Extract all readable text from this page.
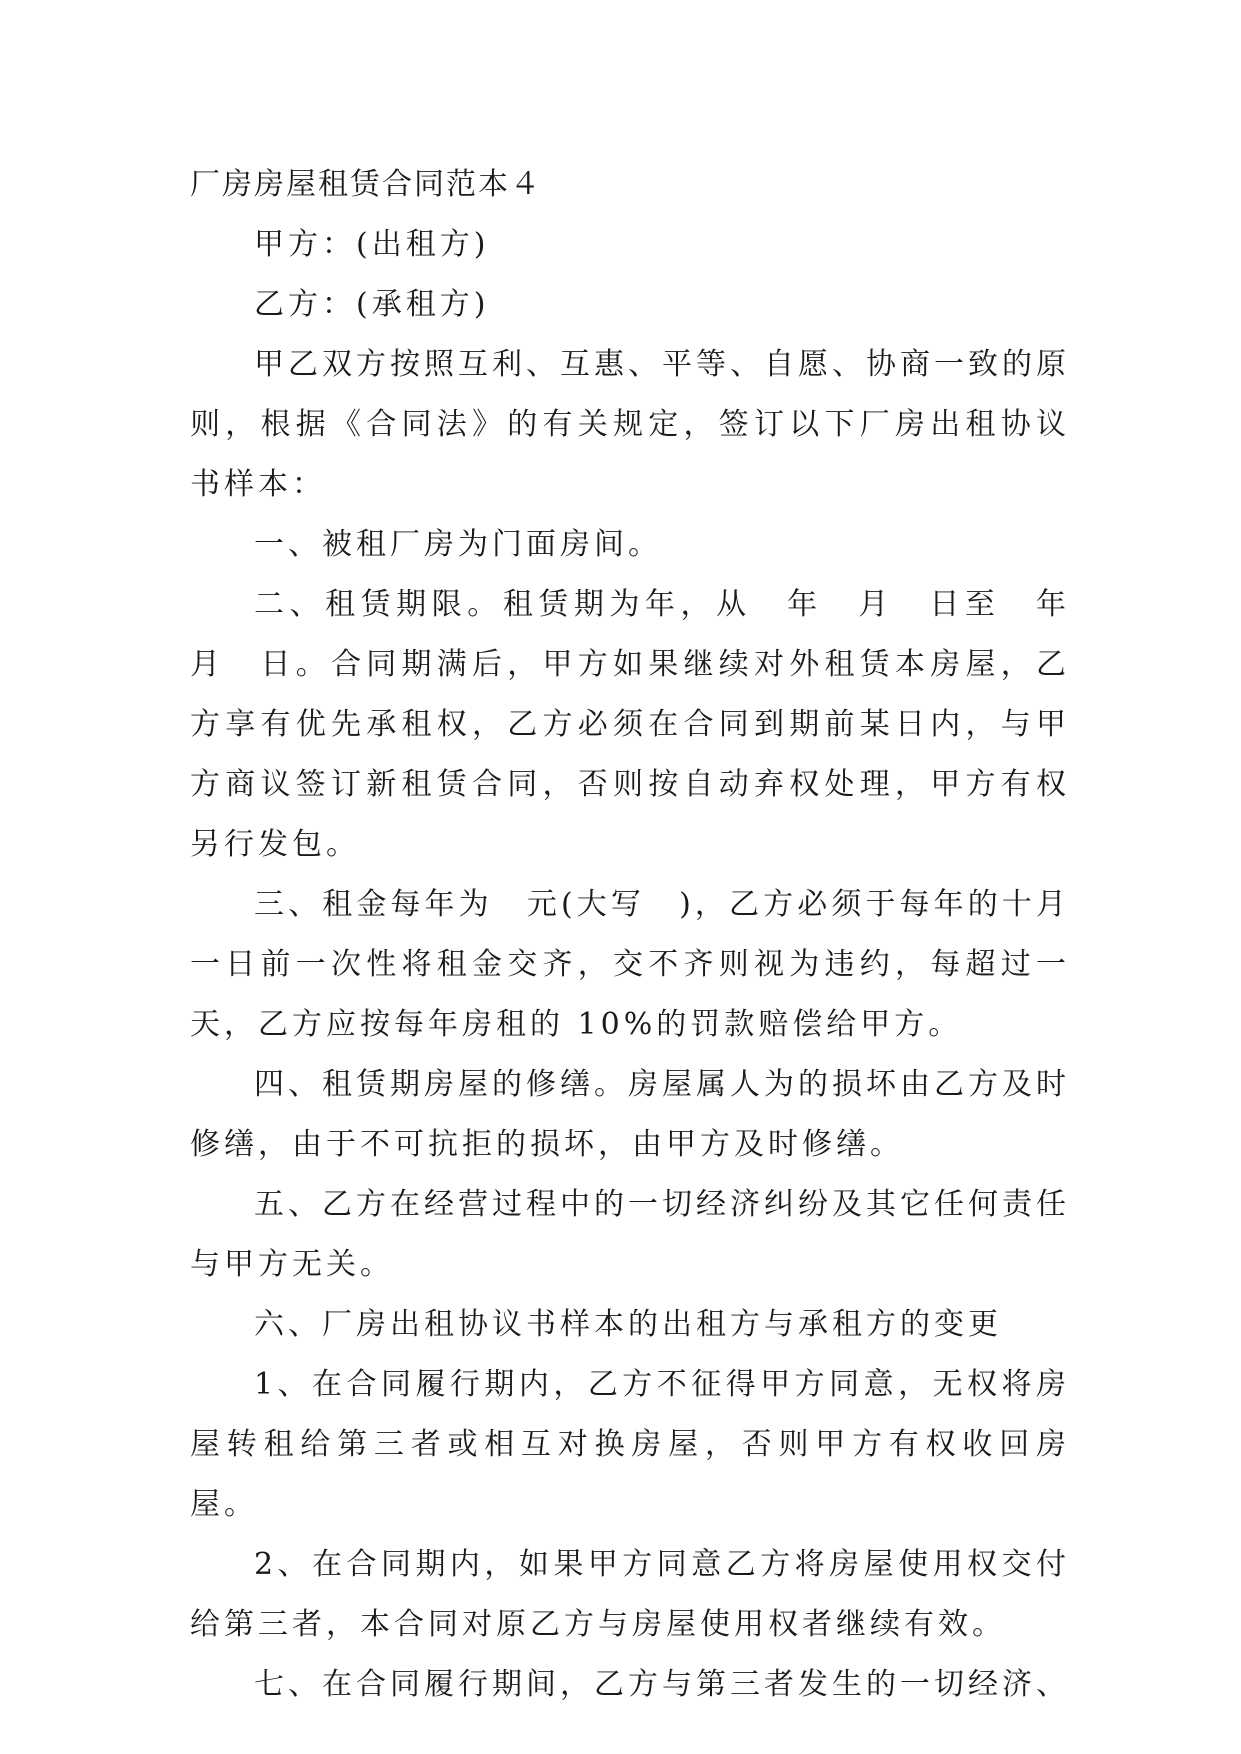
厂房房屋租赁合同范本４

甲方：(出租方)

乙方：(承租方)

甲乙双方按照互利、互惠、平等、自愿、协商一致的原则，根据《合同法》的有关规定，签订以下厂房出租协议书样本：

一、被租厂房为门面房间。

二、租赁期限。租赁期为年，从　年　月　日至　年　月　日。合同期满后，甲方如果继续对外租赁本房屋，乙方享有优先承租权，乙方必须在合同到期前某日内，与甲方商议签订新租赁合同，否则按自动弃权处理，甲方有权另行发包。

三、租金每年为　元(大写　)，乙方必须于每年的十月一日前一次性将租金交齐，交不齐则视为违约，每超过一天，乙方应按每年房租的 10%的罚款赔偿给甲方。

四、租赁期房屋的修缮。房屋属人为的损坏由乙方及时修缮，由于不可抗拒的损坏，由甲方及时修缮。

五、乙方在经营过程中的一切经济纠纷及其它任何责任与甲方无关。

六、厂房出租协议书样本的出租方与承租方的变更

1、在合同履行期内，乙方不征得甲方同意，无权将房屋转租给第三者或相互对换房屋，否则甲方有权收回房屋。

2、在合同期内，如果甲方同意乙方将房屋使用权交付给第三者，本合同对原乙方与房屋使用权者继续有效。

七、在合同履行期间，乙方与第三者发生的一切经济、
